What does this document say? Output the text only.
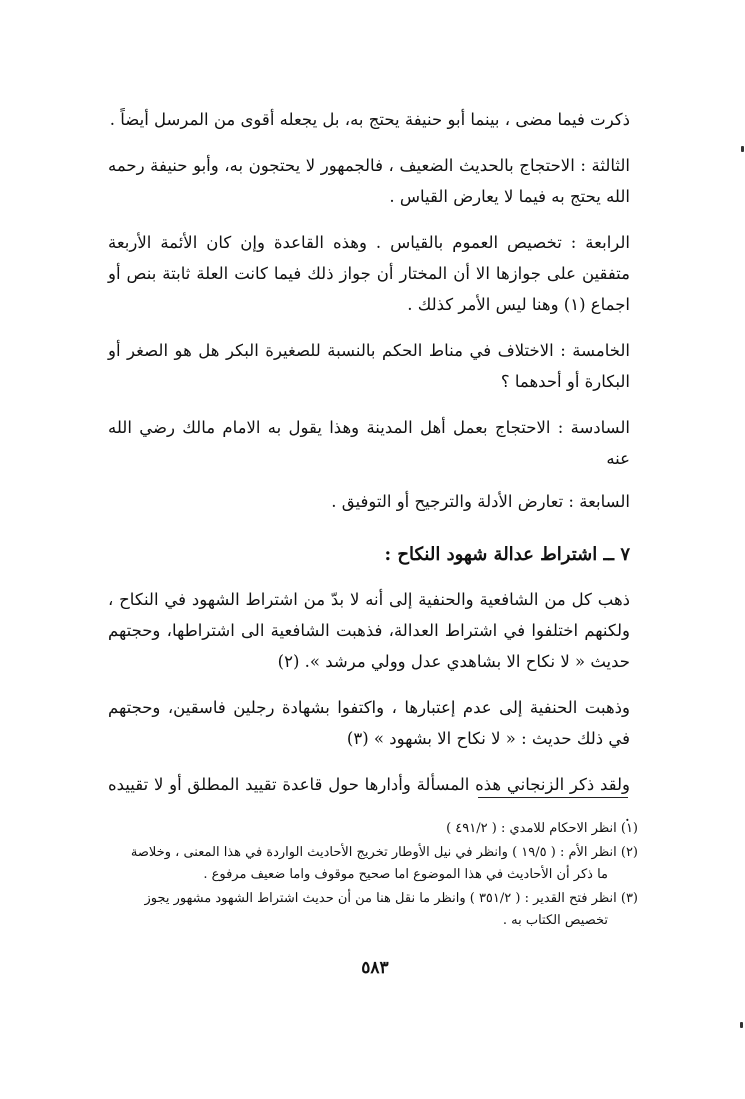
ذكرت فيما مضى ، بينما أبو حنيفة يحتج به، بل يجعله أقوى من المرسل أيضاً .

الثالثة : الاحتجاج بالحديث الضعيف ، فالجمهور لا يحتجون به، وأبو حنيفة رحمه الله يحتج به فيما لا يعارض القياس .

الرابعة : تخصيص العموم بالقياس . وهذه القاعدة وإن كان الأئمة الأربعة متفقين على جوازها الا أن المختار أن جواز ذلك فيما كانت العلة ثابتة بنص أو اجماع (١) وهنا ليس الأمر كذلك .

الخامسة : الاختلاف في مناط الحكم بالنسبة للصغيرة البكر هل هو الصغر أو البكارة أو أحدهما ؟

السادسة : الاحتجاج بعمل أهل المدينة وهذا يقول به الامام مالك رضي الله عنه

السابعة : تعارض الأدلة والترجيح أو التوفيق .

٧ ــ اشتراط عدالة شهود النكاح :

ذهب كل من الشافعية والحنفية إلى أنه لا بدّ من اشتراط الشهود في النكاح ، ولكنهم اختلفوا في اشتراط العدالة، فذهبت الشافعية الى اشتراطها، وحجتهم حديث « لا نكاح الا بشاهدي عدل وولي مرشد ». (٢)

وذهبت الحنفية إلى عدم إعتبارها ، واكتفوا بشهادة رجلين فاسقين، وحجتهم في ذلك حديث : « لا نكاح الا بشهود » (٣)

ولقد ذكر الزنجاني هذه المسألة وأدارها حول قاعدة تقييد المطلق أو لا تقييده .

(١) انظر الاحكام للامدي : ( ٤٩١/٢ )
(٢) انظر الأم : ( ١٩/٥ ) وانظر في نيل الأوطار تخريج الأحاديث الواردة في هذا المعنى ، وخلاصة
ما ذكر أن الأحاديث في هذا الموضوع اما صحيح موقوف واما ضعيف مرفوع .
(٣) انظر فتح القدير : ( ٣٥١/٢ ) وانظر ما نقل هنا من أن حديث اشتراط الشهود مشهور يجوز
تخصيص الكتاب به .
٥٨٣
